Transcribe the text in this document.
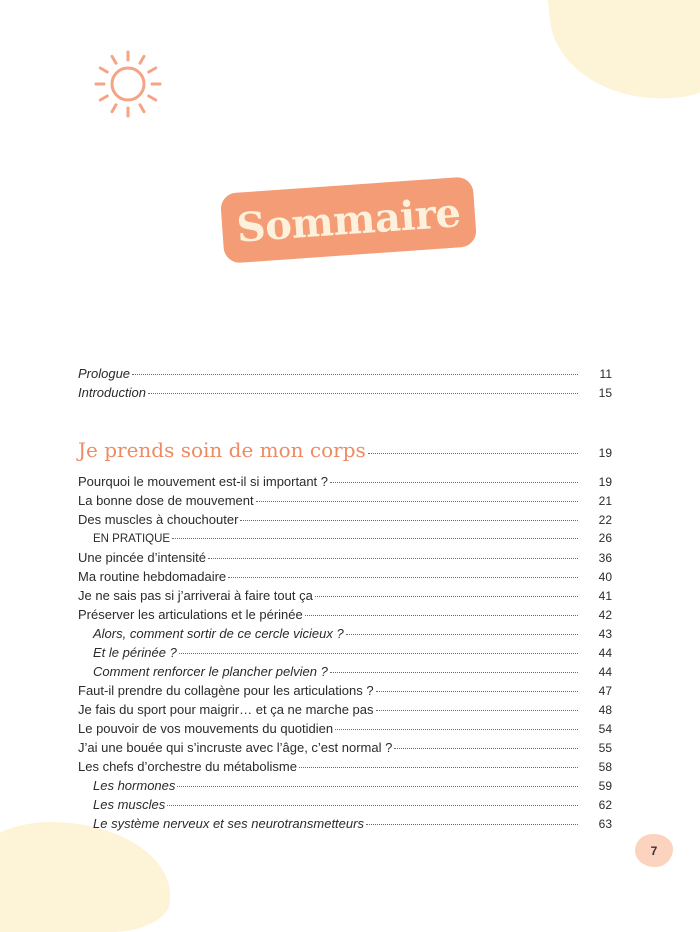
Sommaire
Prologue	11
Introduction	15
Je prends soin de mon corps	19
Pourquoi le mouvement est-il si important ?	19
La bonne dose de mouvement	21
Des muscles à chouchouter	22
EN PRATIQUE	26
Une pincée d’intensité	36
Ma routine hebdomadaire	40
Je ne sais pas si j’arriverai à faire tout ça	41
Préserver les articulations et le périnée	42
Alors, comment sortir de ce cercle vicieux ?	43
Et le périnée ?	44
Comment renforcer le plancher pelvien ?	44
Faut-il prendre du collagène pour les articulations ?	47
Je fais du sport pour maigrir… et ça ne marche pas	48
Le pouvoir de vos mouvements du quotidien	54
J’ai une bouée qui s’incruste avec l’âge, c’est normal ?	55
Les chefs d’orchestre du métabolisme	58
Les hormones	59
Les muscles	62
Le système nerveux et ses neurotransmetteurs	63
7
